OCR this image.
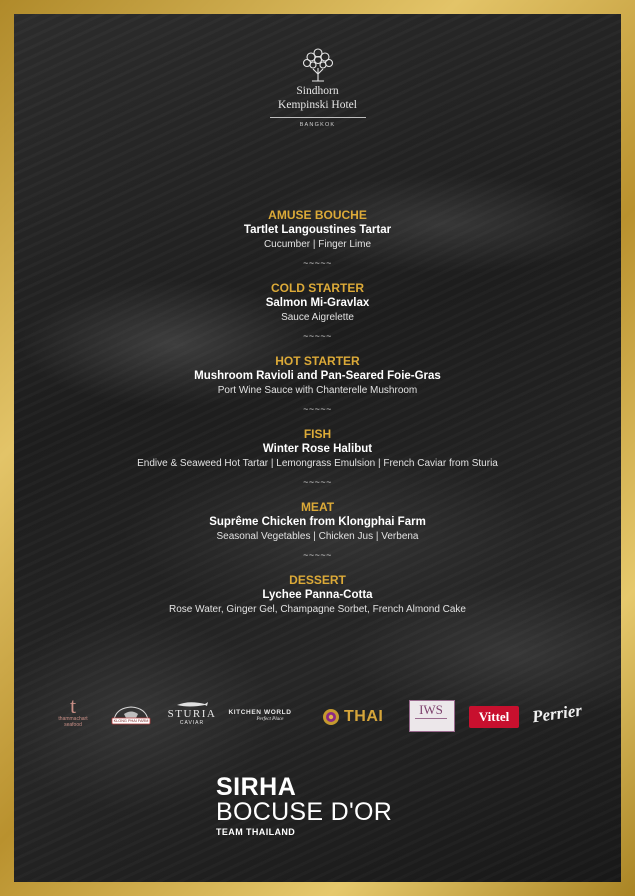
Sindhorn
Kempinski Hotel
BANGKOK
AMUSE BOUCHE
Tartlet Langoustines Tartar
Cucumber | Finger Lime
~~~~~
COLD STARTER
Salmon Mi-Gravlax
Sauce Aigrelette
~~~~~
HOT STARTER
Mushroom Ravioli and Pan-Seared Foie-Gras
Port Wine Sauce with Chanterelle Mushroom
~~~~~
FISH
Winter Rose Halibut
Endive & Seaweed Hot Tartar | Lemongrass Emulsion | French Caviar from Sturia
~~~~~
MEAT
Suprême Chicken from Klongphai Farm
Seasonal Vegetables | Chicken Jus | Verbena
~~~~~
DESSERT
Lychee Panna-Cotta
Rose Water, Ginger Gel, Champagne Sorbet, French Almond Cake
t
thammachart
seafood
KLONG PHAI FARM
STURIA
CAVIAR
KITCHEN WORLD
Perfect Place	THAI	IWS	Vittel	Perrier
SIRHA
BOCUSE D'OR
TEAM THAILAND
